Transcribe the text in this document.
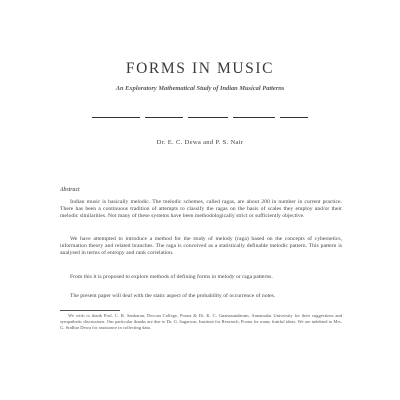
FORMS IN MUSIC
An Exploratory Mathematical Study of Indian Musical Patterns
Dr. E. C. Dewa and P. S. Nair
Abstract

Indian music is basically melodic. The melodic schemes, called ragas, are about 200 in number in current practice. There has been a continuous tradition of attempts to classify the ragas on the basis of scales they employ and/or their melodic similarities. Not many of these systems have been methodologically strict or sufficiently objective.

We have attempted to introduce a method for the study of melody (raga) based on the concepts of cybernetics, information theory and related branches. The raga is conceived as a statistically definable melodic pattern. This pattern is analysed in terms of entropy and rank correlation.

From this it is proposed to explore methods of defining forms in melody or raga patterns.

The present paper will deal with the static aspect of the probability of occurrence of notes.

We wish to thank Prof. C. R. Sankaran, Deccan College, Poona & Dr. K. C. Gnanasundaram, Annamalai University for their suggestions and sympathetic discussions. Our particular thanks are due to Dr. G. Sagarwar, Institute for Research, Poona for many fruitful ideas. We are indebted to Mrs. G. Sridhar Dewa for assistance in collecting data.
